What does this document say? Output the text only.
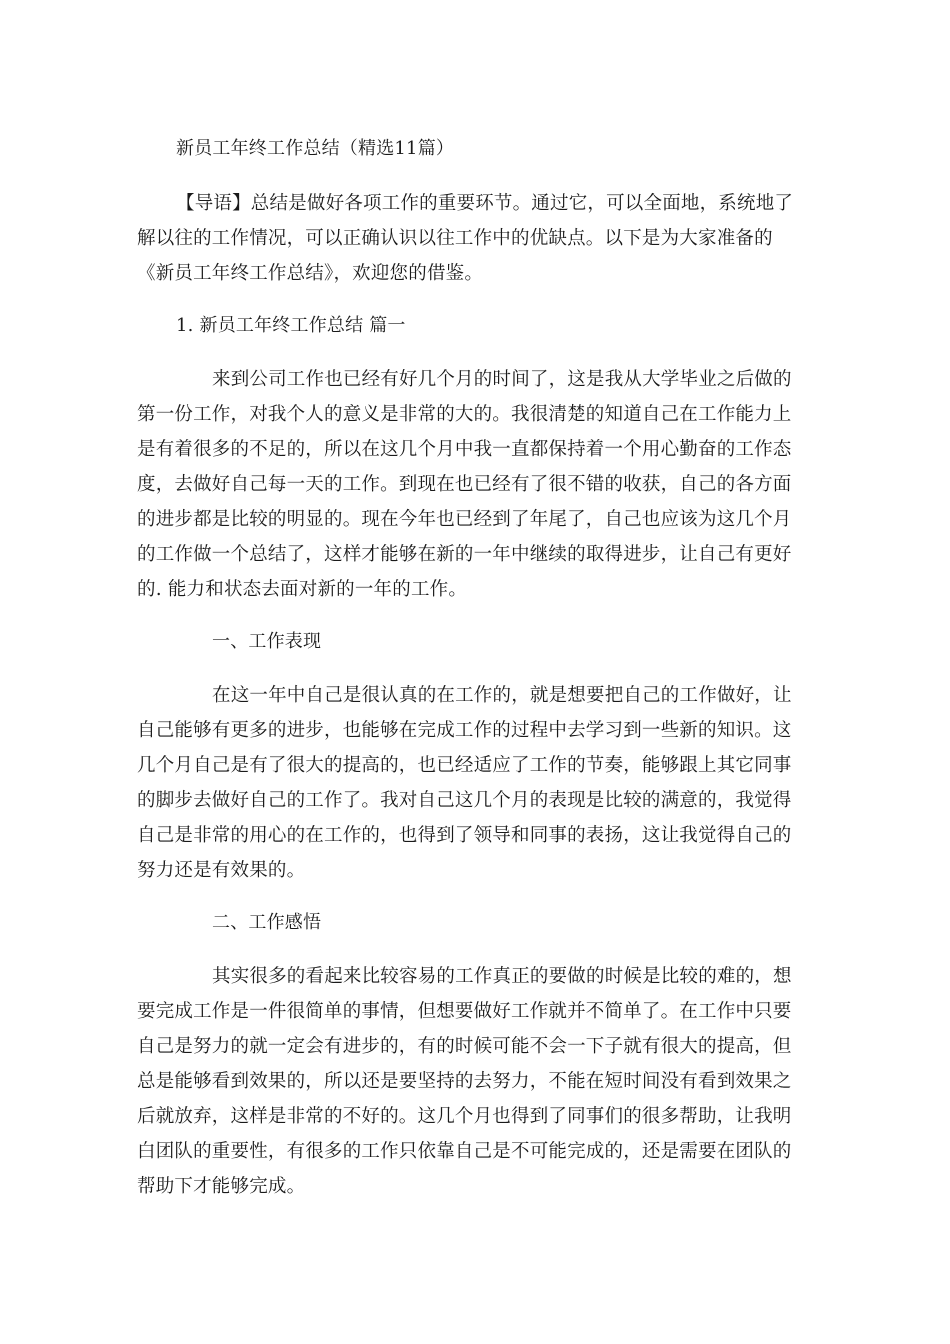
新员工年终工作总结（精选11篇）
【导语】总结是做好各项工作的重要环节。通过它，可以全面地，系统地了
解以往的工作情况，可以正确认识以往工作中的优缺点。以下是为大家准备的
《新员工年终工作总结》，欢迎您的借鉴。
1. 新员工年终工作总结 篇一
来到公司工作也已经有好几个月的时间了，这是我从大学毕业之后做的
第一份工作，对我个人的意义是非常的大的。我很清楚的知道自己在工作能力上
是有着很多的不足的，所以在这几个月中我一直都保持着一个用心勤奋的工作态
度，去做好自己每一天的工作。到现在也已经有了很不错的收获，自己的各方面
的进步都是比较的明显的。现在今年也已经到了年尾了，自己也应该为这几个月
的工作做一个总结了，这样才能够在新的一年中继续的取得进步，让自己有更好
的. 能力和状态去面对新的一年的工作。
一、工作表现
在这一年中自己是很认真的在工作的，就是想要把自己的工作做好，让
自己能够有更多的进步，也能够在完成工作的过程中去学习到一些新的知识。这
几个月自己是有了很大的提高的，也已经适应了工作的节奏，能够跟上其它同事
的脚步去做好自己的工作了。我对自己这几个月的表现是比较的满意的，我觉得
自己是非常的用心的在工作的，也得到了领导和同事的表扬，这让我觉得自己的
努力还是有效果的。
二、工作感悟
其实很多的看起来比较容易的工作真正的要做的时候是比较的难的，想
要完成工作是一件很简单的事情，但想要做好工作就并不简单了。在工作中只要
自己是努力的就一定会有进步的，有的时候可能不会一下子就有很大的提高，但
总是能够看到效果的，所以还是要坚持的去努力，不能在短时间没有看到效果之
后就放弃，这样是非常的不好的。这几个月也得到了同事们的很多帮助，让我明
白团队的重要性，有很多的工作只依靠自己是不可能完成的，还是需要在团队的
帮助下才能够完成。
